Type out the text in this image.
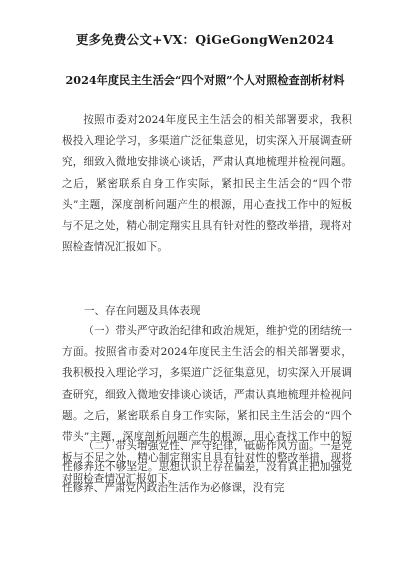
更多免费公文+VX：QiGeGongWen2024
2024年度民主生活会“四个对照”个人对照检查剖析材料
按照市委对2024年度民主生活会的相关部署要求，我积极投入理论学习，多渠道广泛征集意见，切实深入开展调查研究，细致入微地安排谈心谈话，严肃认真地梳理并检视问题。之后，紧密联系自身工作实际，紧扣民主生活会的“四个带头”主题，深度剖析问题产生的根源，用心查找工作中的短板与不足之处，精心制定翔实且具有针对性的整改举措，现将对照检查情况汇报如下。
一、存在问题及具体表现
（一）带头严守政治纪律和政治规矩，维护党的团结统一方面。按照省市委对2024年度民主生活会的相关部署要求，我积极投入理论学习，多渠道广泛征集意见，切实深入开展调查研究，细致入微地安排谈心谈话，严肃认真地梳理并检视问题。之后，紧密联系自身工作实际，紧扣民主生活会的“四个带头”主题，深度剖析问题产生的根源，用心查找工作中的短板与不足之处，精心制定翔实且具有针对性的整改举措，现将对照检查情况汇报如下。
（二）带头增强党性、严守纪律，砥砺作风方面。一是党性修养还不够坚定。思想认识上存在偏差，没有真正把加强党性修养、严肃党内政治生活作为必修课，没有完
